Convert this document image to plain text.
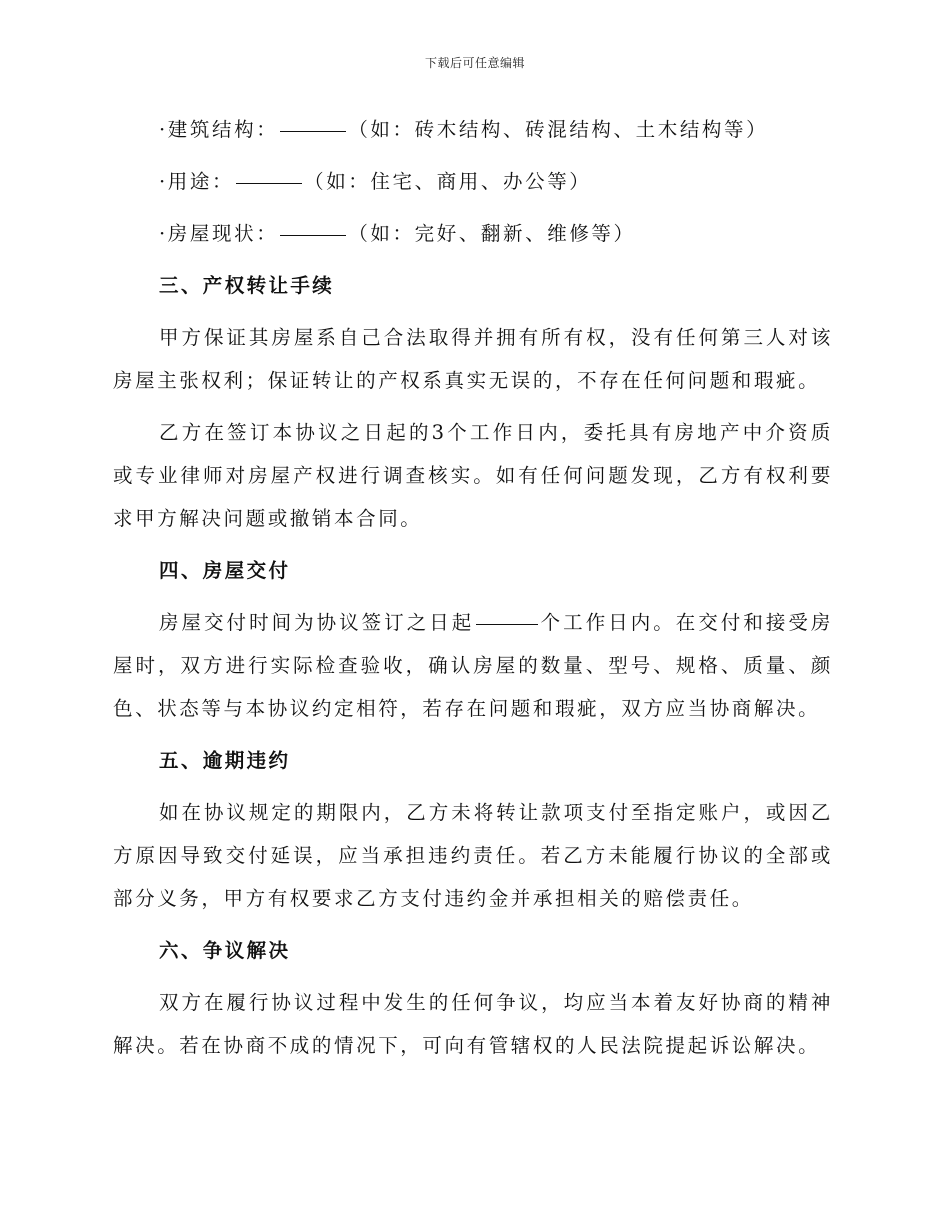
下载后可任意编辑

·建筑结构：	（如：砖木结构、砖混结构、土木结构等）

·用途：	（如：住宅、商用、办公等）

·房屋现状：	（如：完好、翻新、维修等）

三、产权转让手续

甲方保证其房屋系自己合法取得并拥有所有权，没有任何第三人对该房屋主张权利；保证转让的产权系真实无误的，不存在任何问题和瑕疵。

乙方在签订本协议之日起的3个工作日内，委托具有房地产中介资质或专业律师对房屋产权进行调查核实。如有任何问题发现，乙方有权利要求甲方解决问题或撤销本合同。

四、房屋交付

房屋交付时间为协议签订之日起	个工作日内。在交付和接受房屋时，双方进行实际检查验收，确认房屋的数量、型号、规格、质量、颜色、状态等与本协议约定相符，若存在问题和瑕疵，双方应当协商解决。

五、逾期违约

如在协议规定的期限内，乙方未将转让款项支付至指定账户，或因乙方原因导致交付延误，应当承担违约责任。若乙方未能履行协议的全部或部分义务，甲方有权要求乙方支付违约金并承担相关的赔偿责任。

六、争议解决

双方在履行协议过程中发生的任何争议，均应当本着友好协商的精神解决。若在协商不成的情况下，可向有管辖权的人民法院提起诉讼解决。
